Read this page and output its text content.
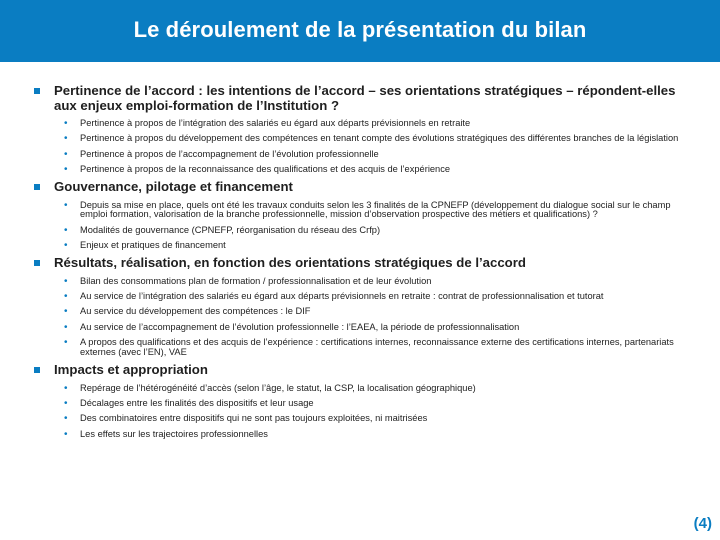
Le déroulement de la présentation du bilan
Pertinence de l’accord : les intentions de l’accord – ses orientations stratégiques – répondent-elles aux enjeux emploi-formation de l’Institution ?
• Pertinence à propos de l’intégration des salariés eu égard aux départs prévisionnels en retraite
• Pertinence à propos du développement des compétences en tenant compte des évolutions stratégiques des différentes branches de la législation
• Pertinence à propos de l’accompagnement de l’évolution professionnelle
• Pertinence à propos de la reconnaissance des qualifications et des acquis de l’expérience
Gouvernance, pilotage et financement
• Depuis sa mise en place, quels ont été les travaux conduits selon les 3 finalités de la CPNEFP (développement du dialogue social sur le champ emploi formation, valorisation de la branche professionnelle, mission d’observation prospective des métiers et qualifications) ?
• Modalités de gouvernance (CPNEFP, réorganisation du réseau des Crfp)
• Enjeux et pratiques de financement
Résultats, réalisation, en fonction des orientations stratégiques de l’accord
• Bilan des consommations plan de formation / professionnalisation et de leur évolution
• Au service de l’intégration des salariés eu égard aux départs prévisionnels en retraite : contrat de professionnalisation et tutorat
• Au service du développement des compétences : le DIF
• Au service de l’accompagnement de l’évolution professionnelle : l’EAEA, la période de professionnalisation
• A propos des qualifications et des acquis de l’expérience : certifications internes, reconnaissance externe des certifications internes, partenariats externes (avec l’EN), VAE
Impacts et appropriation
• Repérage de l’hétérogénéité d’accès (selon l’âge, le statut, la CSP, la localisation géographique)
• Décalages entre les finalités des dispositifs et leur usage
• Des combinatoires entre dispositifs qui ne sont pas toujours exploitées, ni maitrisées
• Les effets sur les trajectoires professionnelles
(4)
